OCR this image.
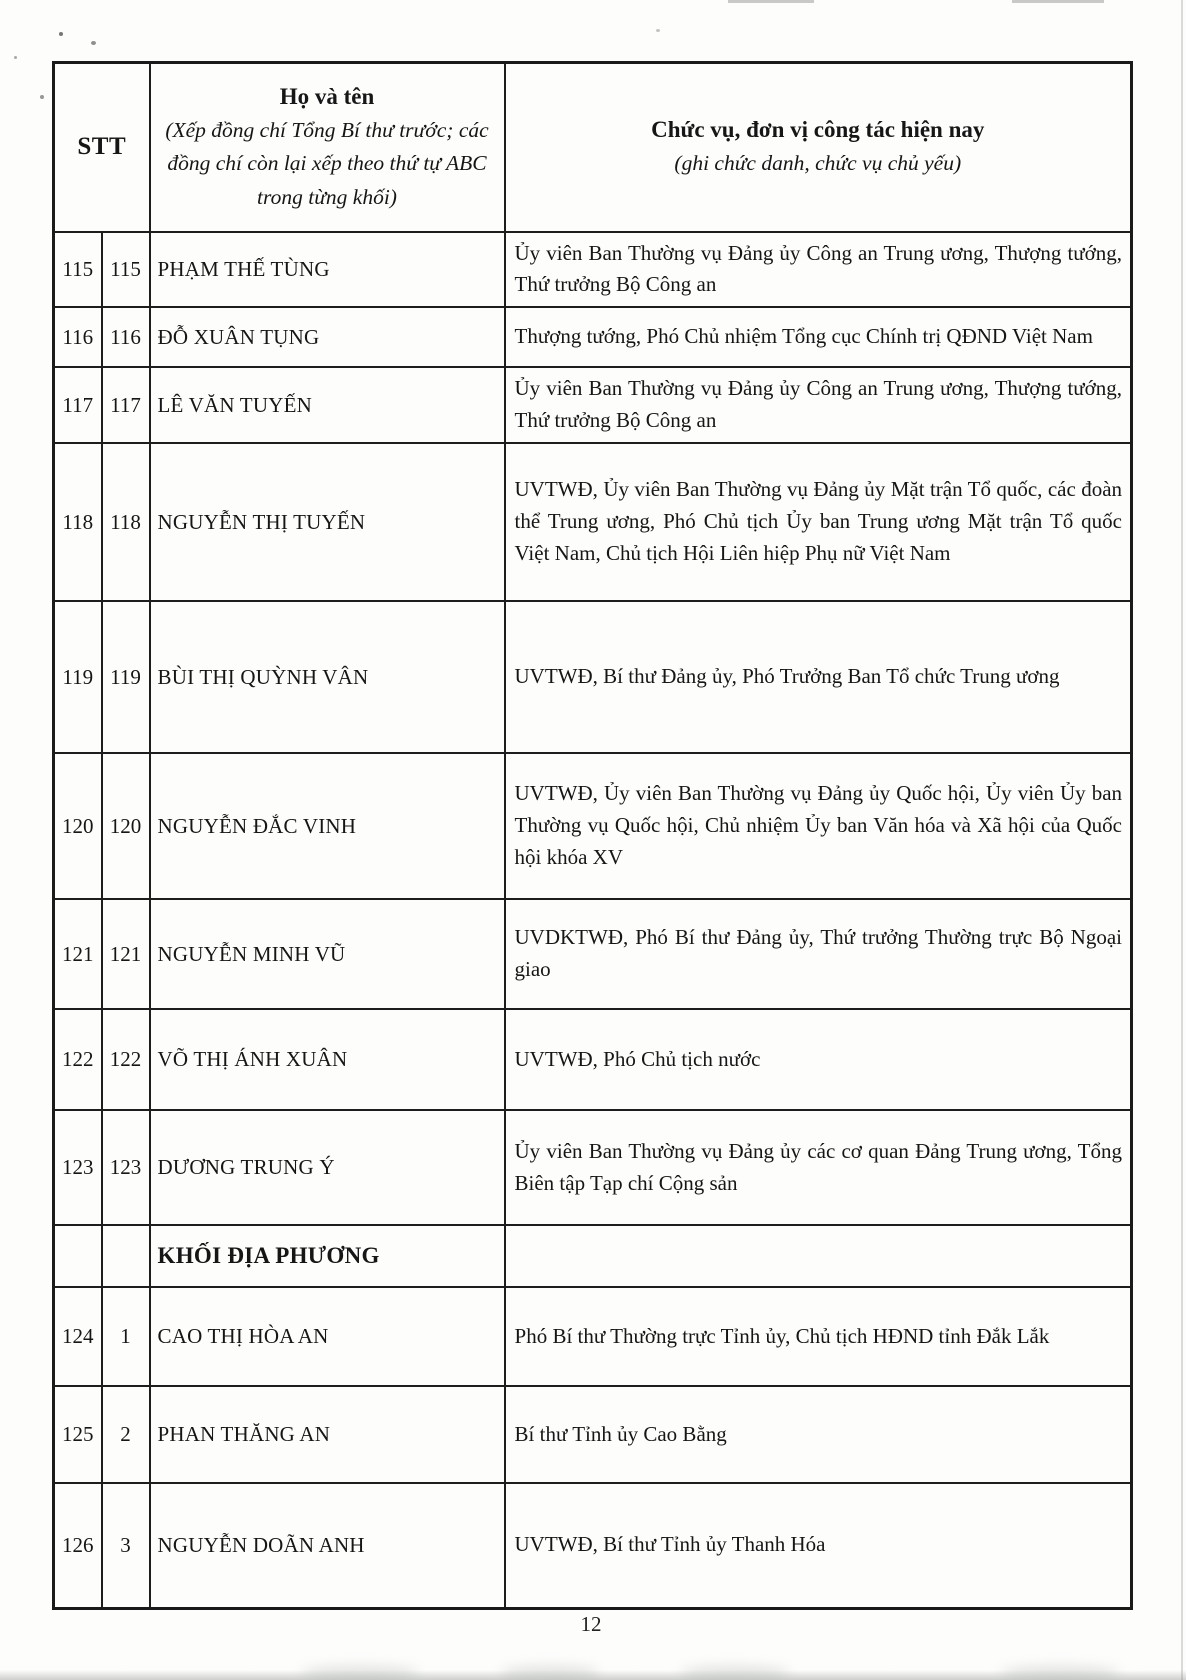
STT	
Họ và tên
(Xếp đồng chí Tổng Bí thư trước; các đồng chí còn lại xếp theo thứ tự ABC trong từng khối)

Chức vụ, đơn vị công tác hiện nay
(ghi chức danh, chức vụ chủ yếu)

115	115	PHẠM THẾ TÙNG	Ủy viên Ban Thường vụ Đảng ủy Công an Trung ương, Thượng tướng, Thứ trưởng Bộ Công an
116	116	ĐỖ XUÂN TỤNG	Thượng tướng, Phó Chủ nhiệm Tổng cục Chính trị QĐND Việt Nam
117	117	LÊ VĂN TUYẾN	Ủy viên Ban Thường vụ Đảng ủy Công an Trung ương, Thượng tướng, Thứ trưởng Bộ Công an
118	118	NGUYỄN THỊ TUYẾN	UVTWĐ, Ủy viên Ban Thường vụ Đảng ủy Mặt trận Tổ quốc, các đoàn thể Trung ương, Phó Chủ tịch Ủy ban Trung ương Mặt trận Tổ quốc Việt Nam, Chủ tịch Hội Liên hiệp Phụ nữ Việt Nam
119	119	BÙI THỊ QUỲNH VÂN	UVTWĐ, Bí thư Đảng ủy, Phó Trưởng Ban Tổ chức Trung ương
120	120	NGUYỄN ĐẮC VINH	UVTWĐ, Ủy viên Ban Thường vụ Đảng ủy Quốc hội, Ủy viên Ủy ban Thường vụ Quốc hội, Chủ nhiệm Ủy ban Văn hóa và Xã hội của Quốc hội khóa XV
121	121	NGUYỄN MINH VŨ	UVDKTWĐ, Phó Bí thư Đảng ủy, Thứ trưởng Thường trực Bộ Ngoại giao
122	122	VÕ THỊ ÁNH XUÂN	UVTWĐ, Phó Chủ tịch nước
123	123	DƯƠNG TRUNG Ý	Ủy viên Ban Thường vụ Đảng ủy các cơ quan Đảng Trung ương, Tổng Biên tập Tạp chí Cộng sản
		KHỐI ĐỊA PHƯƠNG	
124	1	CAO THỊ HÒA AN	Phó Bí thư Thường trực Tỉnh ủy, Chủ tịch HĐND tỉnh Đắk Lắk
125	2	PHAN THĂNG AN	Bí thư Tỉnh ủy Cao Bằng
126	3	NGUYỄN DOÃN ANH	UVTWĐ, Bí thư Tỉnh ủy Thanh Hóa
12
